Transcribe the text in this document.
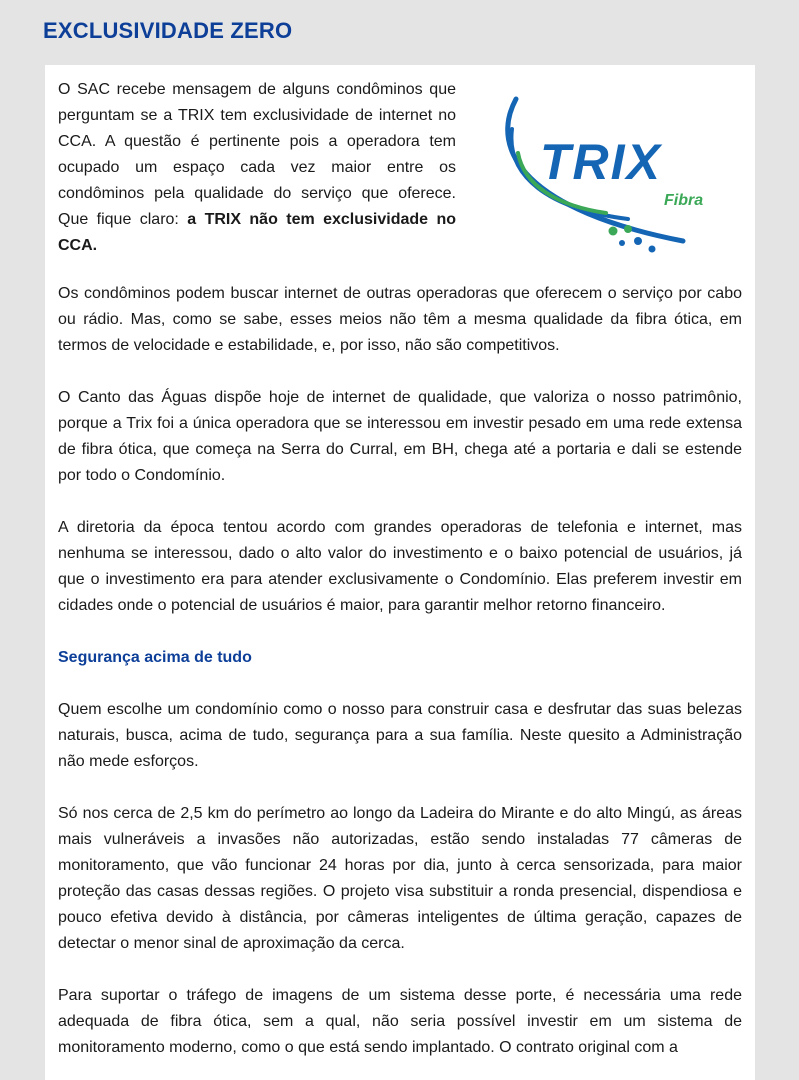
EXCLUSIVIDADE ZERO

O SAC recebe mensagem de alguns condôminos que perguntam se a TRIX tem exclusividade de internet no CCA. A questão é pertinente pois a operadora tem ocupado um espaço cada vez maior entre os condôminos pela qualidade do serviço que oferece. Que fique claro: a TRIX não tem exclusividade no CCA.

TRIX
Fibra

Os condôminos podem buscar internet de outras operadoras que oferecem o serviço por cabo ou rádio. Mas, como se sabe, esses meios não têm a mesma qualidade da fibra ótica, em termos de velocidade e estabilidade, e, por isso, não são competitivos.

O Canto das Águas dispõe hoje de internet de qualidade, que valoriza o nosso patrimônio, porque a Trix foi a única operadora que se interessou em investir pesado em uma rede extensa de fibra ótica, que começa na Serra do Curral, em BH, chega até a portaria e dali se estende por todo o Condomínio.

A diretoria da época tentou acordo com grandes operadoras de telefonia e internet, mas nenhuma se interessou, dado o alto valor do investimento e o baixo potencial de usuários, já que o investimento era para atender exclusivamente o Condomínio. Elas preferem investir em cidades onde o potencial de usuários é maior, para garantir melhor retorno financeiro.

Segurança acima de tudo

Quem escolhe um condomínio como o nosso para construir casa e desfrutar das suas belezas naturais, busca, acima de tudo, segurança para a sua família. Neste quesito a Administração não mede esforços.

Só nos cerca de 2,5 km do perímetro ao longo da Ladeira do Mirante e do alto Mingú, as áreas mais vulneráveis a invasões não autorizadas, estão sendo instaladas 77 câmeras de monitoramento, que vão funcionar 24 horas por dia, junto à cerca sensorizada, para maior proteção das casas dessas regiões. O projeto visa substituir a ronda presencial, dispendiosa e pouco efetiva devido à distância, por câmeras inteligentes de última geração, capazes de detectar o menor sinal de aproximação da cerca.

Para suportar o tráfego de imagens de um sistema desse porte, é necessária uma rede adequada de fibra ótica, sem a qual, não seria possível investir em um sistema de monitoramento moderno, como o que está sendo implantado. O contrato original com a
